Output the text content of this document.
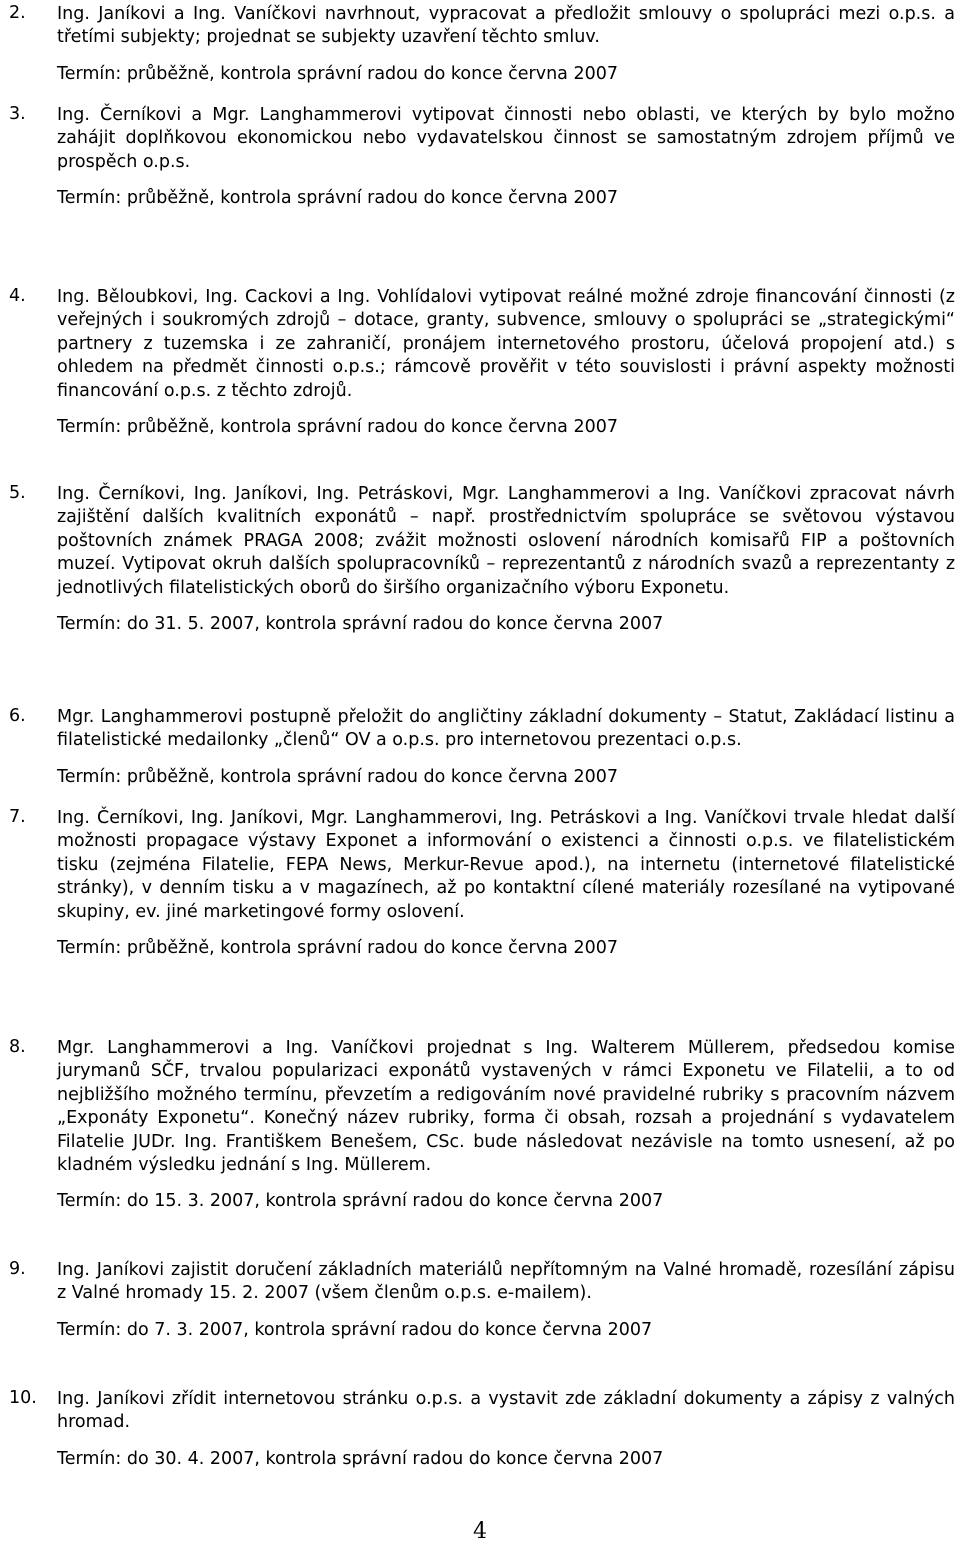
2. Ing. Janíkovi a Ing. Vaníčkovi navrhnout, vypracovat a předložit smlouvy o spolupráci mezi o.p.s. a třetími subjekty; projednat se subjekty uzavření těchto smluv.

Termín: průběžně, kontrola správní radou do konce června 2007

3. Ing. Černíkovi a Mgr. Langhammerovi vytipovat činnosti nebo oblasti, ve kterých by bylo možno zahájit doplňkovou ekonomickou nebo vydavatelskou činnost se samostatným zdrojem příjmů ve prospěch o.p.s.

Termín: průběžně, kontrola správní radou do konce června 2007

4. Ing. Běloubkovi, Ing. Cackovi a Ing. Vohlídalovi vytipovat reálné možné zdroje financování činnosti (z veřejných i soukromých zdrojů – dotace, granty, subvence, smlouvy o spolupráci se „strategickými“ partnery z tuzemska i ze zahraničí, pronájem internetového prostoru, účelová propojení atd.) s ohledem na předmět činnosti o.p.s.; rámcově prověřit v této souvislosti i právní aspekty možnosti financování o.p.s. z těchto zdrojů.

Termín: průběžně, kontrola správní radou do konce června 2007

5. Ing. Černíkovi, Ing. Janíkovi, Ing. Petráskovi, Mgr. Langhammerovi a Ing. Vaníčkovi zpracovat návrh zajištění dalších kvalitních exponátů – např. prostřednictvím spolupráce se světovou výstavou poštovních známek PRAGA 2008; zvážit možnosti oslovení národních komisařů FIP a poštovních muzeí. Vytipovat okruh dalších spolupracovníků – reprezentantů z národních svazů a reprezentanty z jednotlivých filatelistických oborů do širšího organizačního výboru Exponetu.

Termín: do 31. 5. 2007, kontrola správní radou do konce června 2007

6. Mgr. Langhammerovi postupně přeložit do angličtiny základní dokumenty – Statut, Zakládací listinu a filatelistické medailonky „členů“ OV a o.p.s. pro internetovou prezentaci o.p.s.

Termín: průběžně, kontrola správní radou do konce června 2007

7. Ing. Černíkovi, Ing. Janíkovi, Mgr. Langhammerovi, Ing. Petráskovi a Ing. Vaníčkovi trvale hledat další možnosti propagace výstavy Exponet a informování o existenci a činnosti o.p.s. ve filatelistickém tisku (zejména Filatelie, FEPA News, Merkur-Revue apod.), na internetu (internetové filatelistické stránky), v denním tisku a v magazínech, až po kontaktní cílené materiály rozesílané na vytipované skupiny, ev. jiné marketingové formy oslovení.

Termín: průběžně, kontrola správní radou do konce června 2007

8. Mgr. Langhammerovi a Ing. Vaníčkovi projednat s Ing. Walterem Müllerem, předsedou komise jurymanů SČF, trvalou popularizaci exponátů vystavených v rámci Exponetu ve Filatelii, a to od nejbližšího možného termínu, převzetím a redigováním nové pravidelné rubriky s pracovním názvem „Exponáty Exponetu“. Konečný název rubriky, forma či obsah, rozsah a projednání s vydavatelem Filatelie JUDr. Ing. Františkem Benešem, CSc. bude následovat nezávisle na tomto usnesení, až po kladném výsledku jednání s Ing. Müllerem.

Termín: do 15. 3. 2007, kontrola správní radou do konce června 2007

9. Ing. Janíkovi zajistit doručení základních materiálů nepřítomným na Valné hromadě, rozesílání zápisu z Valné hromady 15. 2. 2007 (všem členům o.p.s. e-mailem).

Termín: do 7. 3. 2007, kontrola správní radou do konce června 2007

10. Ing. Janíkovi zřídit internetovou stránku o.p.s. a vystavit zde základní dokumenty a zápisy z valných hromad.

Termín: do 30. 4. 2007, kontrola správní radou do konce června 2007

4
